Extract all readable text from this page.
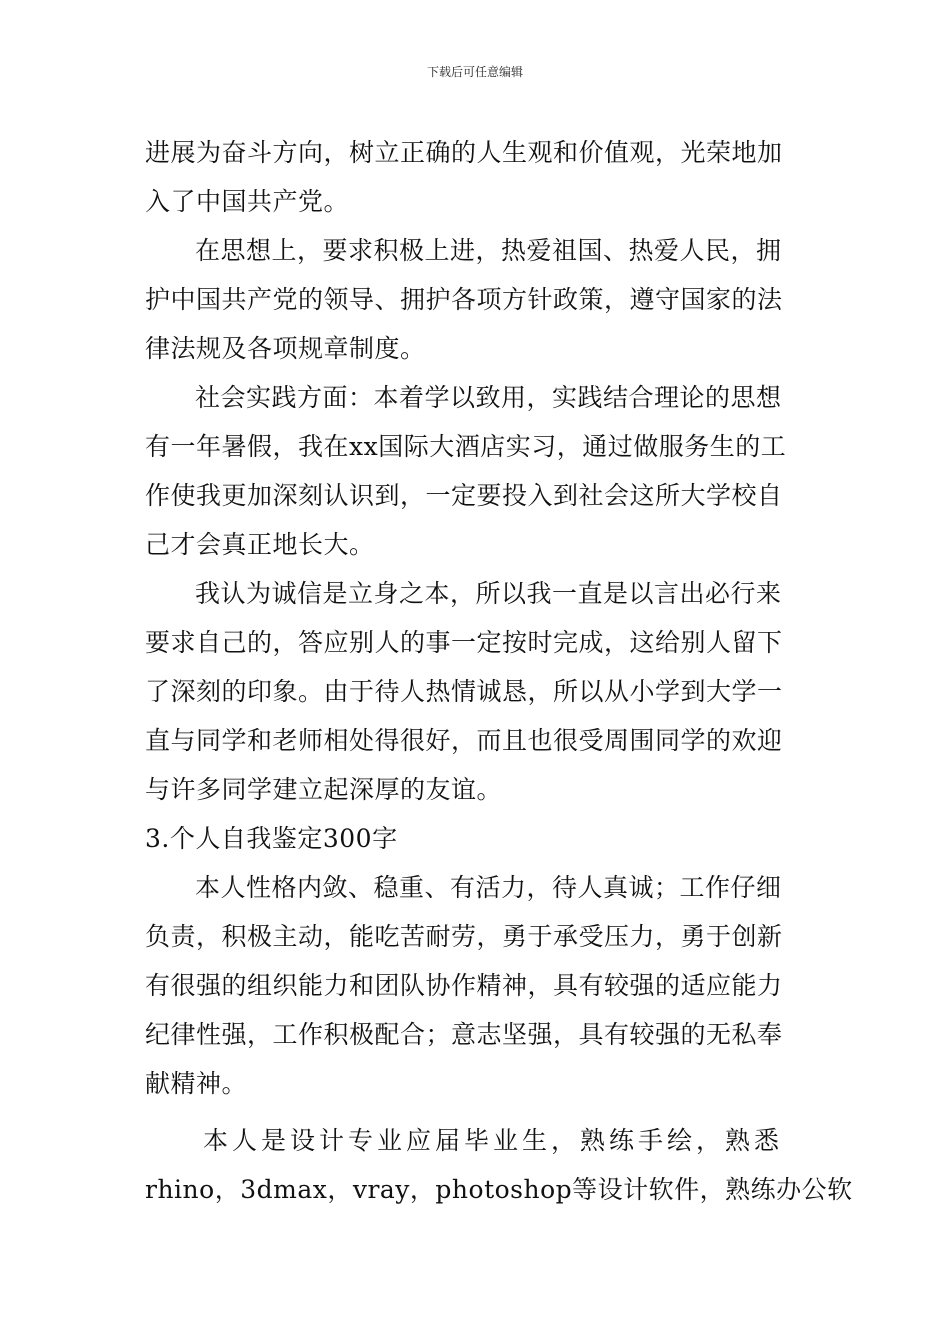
下载后可任意编辑

进展为奋斗方向，树立正确的人生观和价值观，光荣地加
入了中国共产党。

在思想上，要求积极上进，热爱祖国、热爱人民，拥
护中国共产党的领导、拥护各项方针政策，遵守国家的法
律法规及各项规章制度。

社会实践方面：本着学以致用，实践结合理论的思想
有一年暑假，我在xx国际大酒店实习，通过做服务生的工
作使我更加深刻认识到，一定要投入到社会这所大学校自
己才会真正地长大。

我认为诚信是立身之本，所以我一直是以言出必行来
要求自己的，答应别人的事一定按时完成，这给别人留下
了深刻的印象。由于待人热情诚恳，所以从小学到大学一
直与同学和老师相处得很好，而且也很受周围同学的欢迎
与许多同学建立起深厚的友谊。

3.个人自我鉴定300字

本人性格内敛、稳重、有活力，待人真诚；工作仔细
负责，积极主动，能吃苦耐劳，勇于承受压力，勇于创新
有很强的组织能力和团队协作精神，具有较强的适应能力
纪律性强，工作积极配合；意志坚强，具有较强的无私奉
献精神。

本人是设计专业应届毕业生，熟练手绘，熟悉
rhino，3dmax，vray，photoshop等设计软件，熟练办公软
